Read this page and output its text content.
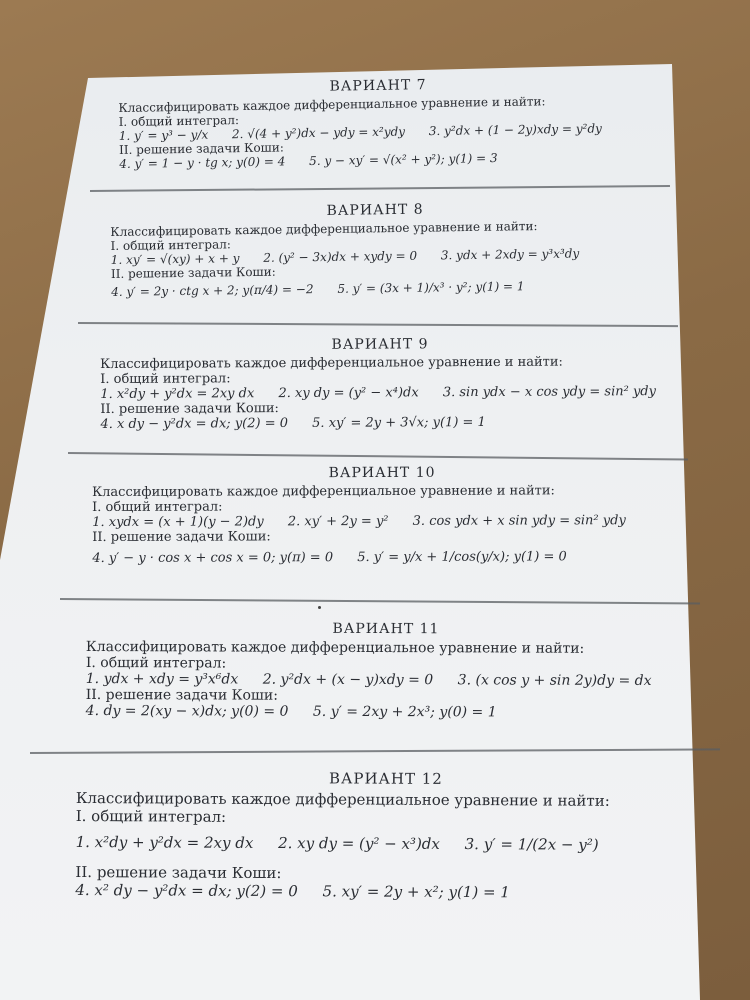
ВАРИАНТ 7
Классифицировать каждое дифференциальное уравнение и найти:
I. общий интеграл:
1. y′ = y³ − y/x 2. √(4 + y²)dx − ydy = x²ydy 3. y²dx + (1 − 2y)xdy = y²dy
II. решение задачи Коши:
4. y′ = 1 − y · tg x; y(0) = 4 5. y − xy′ = √(x² + y²); y(1) = 3
ВАРИАНТ 8
Классифицировать каждое дифференциальное уравнение и найти:
I. общий интеграл:
1. xy′ = √(xy) + x + y 2. (y² − 3x)dx + xydy = 0 3. ydx + 2xdy = y³x³dy
II. решение задачи Коши:
4. y′ = 2y · ctg x + 2; y(π/4) = −2 5. y′ = (3x + 1)/x³ · y²; y(1) = 1
ВАРИАНТ 9
Классифицировать каждое дифференциальное уравнение и найти:
I. общий интеграл:
1. x²dy + y²dx = 2xy dx 2. xy dy = (y² − x⁴)dx 3. sin ydx − x cos ydy = sin² ydy
II. решение задачи Коши:
4. x dy − y²dx = dx; y(2) = 0 5. xy′ = 2y + 3√x; y(1) = 1
ВАРИАНТ 10
Классифицировать каждое дифференциальное уравнение и найти:
I. общий интеграл:
1. xydx = (x + 1)(y − 2)dy 2. xy′ + 2y = y² 3. cos ydx + x sin ydy = sin² ydy
II. решение задачи Коши:
4. y′ − y · cos x + cos x = 0; y(π) = 0 5. y′ = y/x + 1/cos(y/x); y(1) = 0
ВАРИАНТ 11
Классифицировать каждое дифференциальное уравнение и найти:
I. общий интеграл:
1. ydx + xdy = y³x⁶dx 2. y²dx + (x − y)xdy = 0 3. (x cos y + sin 2y)dy = dx
II. решение задачи Коши:
4. dy = 2(xy − x)dx; y(0) = 0 5. y′ = 2xy + 2x³; y(0) = 1
ВАРИАНТ 12
Классифицировать каждое дифференциальное уравнение и найти:
I. общий интеграл:
1. x²dy + y²dx = 2xy dx 2. xy dy = (y² − x³)dx 3. y′ = 1/(2x − y²)
II. решение задачи Коши:
4. x² dy − y²dx = dx; y(2) = 0 5. xy′ = 2y + x²; y(1) = 1
